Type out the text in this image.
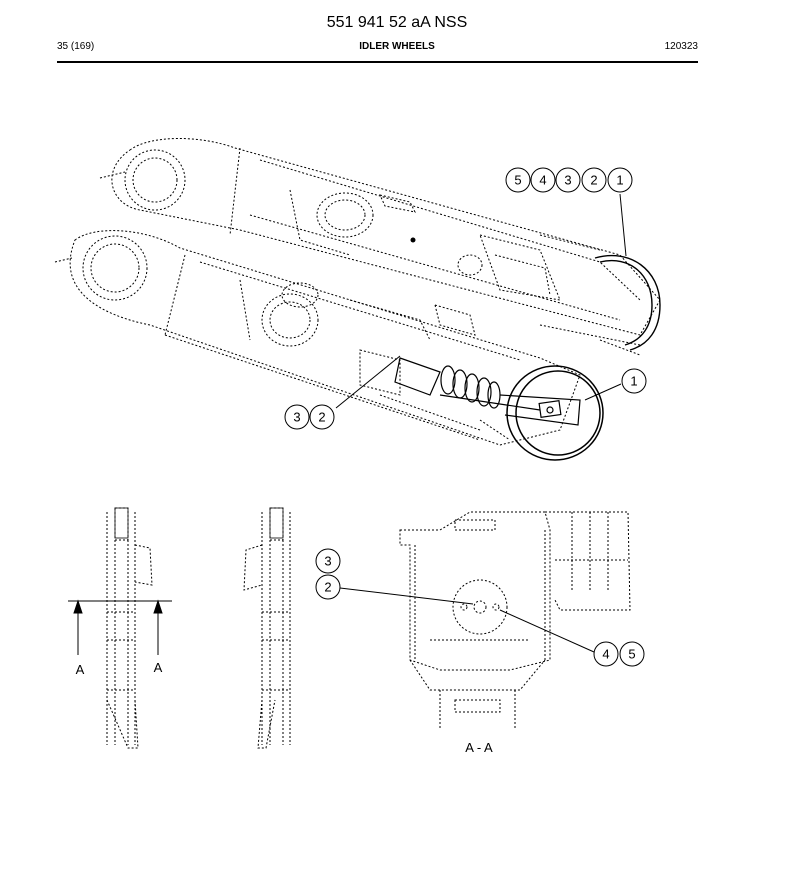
551 941 52 aA NSS
35 (169)	IDLER WHEELS	120323
5 4 3 2 1
1
3 2
3
2
4 5
A	A
A - A
